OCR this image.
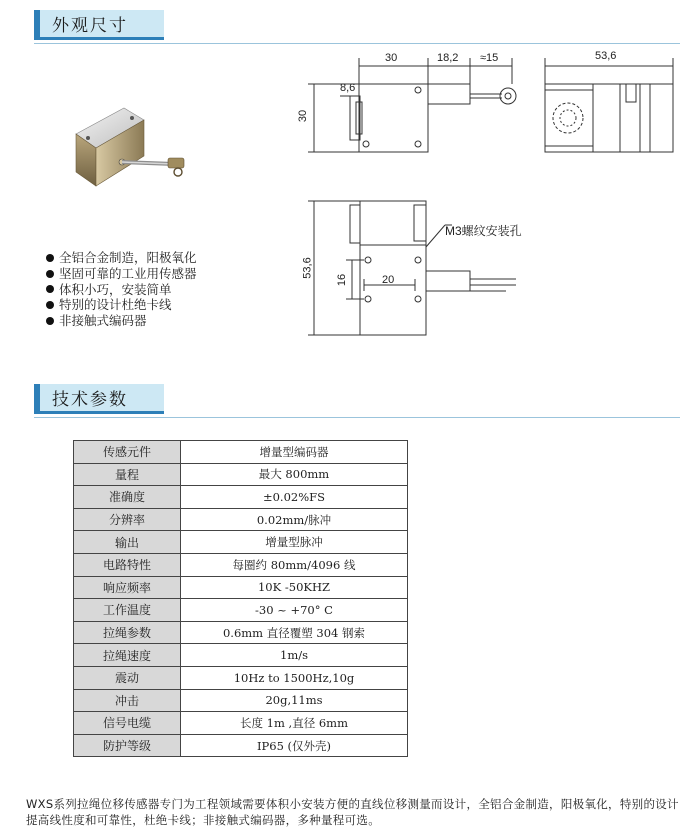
外观尺寸
全铝合金制造，阳极氧化
坚固可靠的工业用传感器
体积小巧，安装简单
特别的设计杜绝卡线
非接触式编码器
30	18,2 ≈15	53,6
8,6
30
M3螺纹安装孔
53,6
16	20
技术参数
传感元件	增量型编码器
量程	最大 800mm
准确度	±0.02%FS
分辨率	0.02mm/脉冲
输出	增量型脉冲
电路特性	每圈约 80mm/4096 线
响应频率	10K -50KHZ
工作温度	-30 ~ +70° C
拉绳参数	0.6mm 直径覆塑 304 钢索
拉绳速度	1m/s
震动	10Hz to 1500Hz,10g
冲击	20g,11ms
信号电缆	长度 1m ,直径 6mm
防护等级	IP65 (仅外壳)
WXS系列拉绳位移传感器专门为工程领域需要体积小安装方便的直线位移测量而设计，全铝合金制造，阳极氧化，特别的设计提高线性度和可靠性，杜绝卡线；非接触式编码器，多种量程可选。
